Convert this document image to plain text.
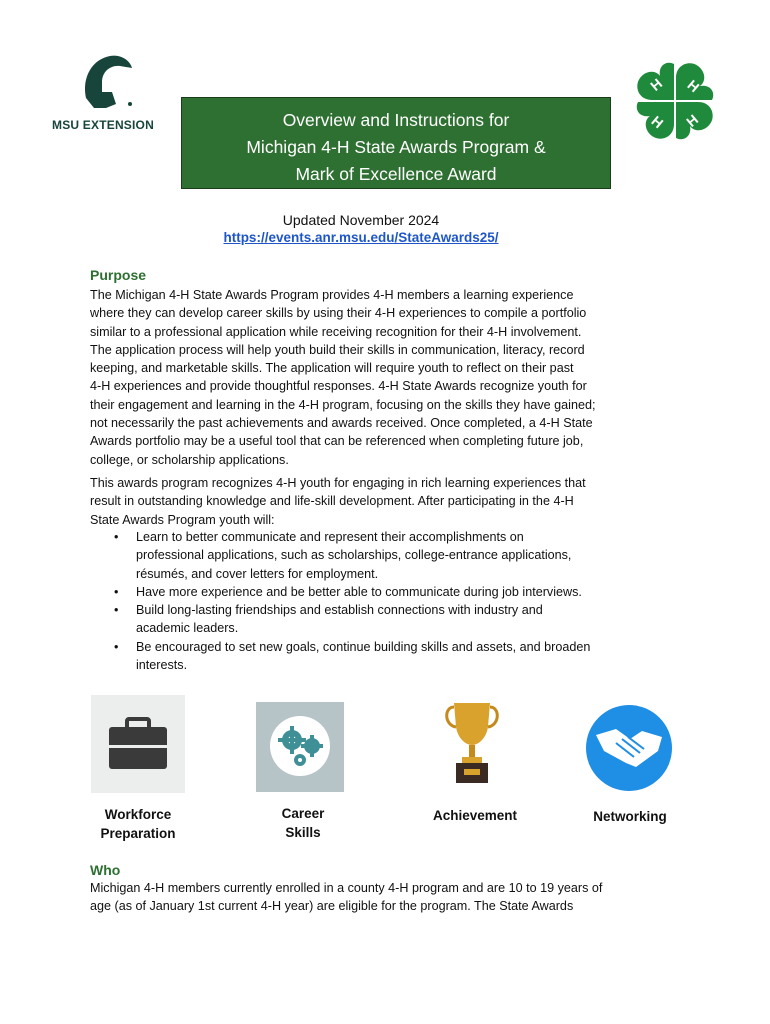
MSU EXTENSION
H H
H
H
Overview and Instructions for
Michigan 4-H State Awards Program &
Mark of Excellence Award
Updated November 2024
https://events.anr.msu.edu/StateAwards25/
Purpose
The Michigan 4-H State Awards Program provides 4-H members a learning experience
where they can develop career skills by using their 4-H experiences to compile a portfolio
similar to a professional application while receiving recognition for their 4-H involvement.
The application process will help youth build their skills in communication, literacy, record
keeping, and marketable skills. The application will require youth to reflect on their past
4-H experiences and provide thoughtful responses. 4-H State Awards recognize youth for
their engagement and learning in the 4-H program, focusing on the skills they have gained;
not necessarily the past achievements and awards received. Once completed, a 4-H State
Awards portfolio may be a useful tool that can be referenced when completing future job,
college, or scholarship applications.
This awards program recognizes 4-H youth for engaging in rich learning experiences that
result in outstanding knowledge and life-skill development. After participating in the 4-H
State Awards Program youth will:
• Learn to better communicate and represent their accomplishments on
professional applications, such as scholarships, college-entrance applications,
résumés, and cover letters for employment.
• Have more experience and be better able to communicate during job interviews.
• Build long-lasting friendships and establish connections with industry and
academic leaders.
• Be encouraged to set new goals, continue building skills and assets, and broaden
interests.
Workforce
Preparation
Career
Skills
Achievement	Networking
Who
Michigan 4-H members currently enrolled in a county 4-H program and are 10 to 19 years of
age (as of January 1st current 4-H year) are eligible for the program. The State Awards
